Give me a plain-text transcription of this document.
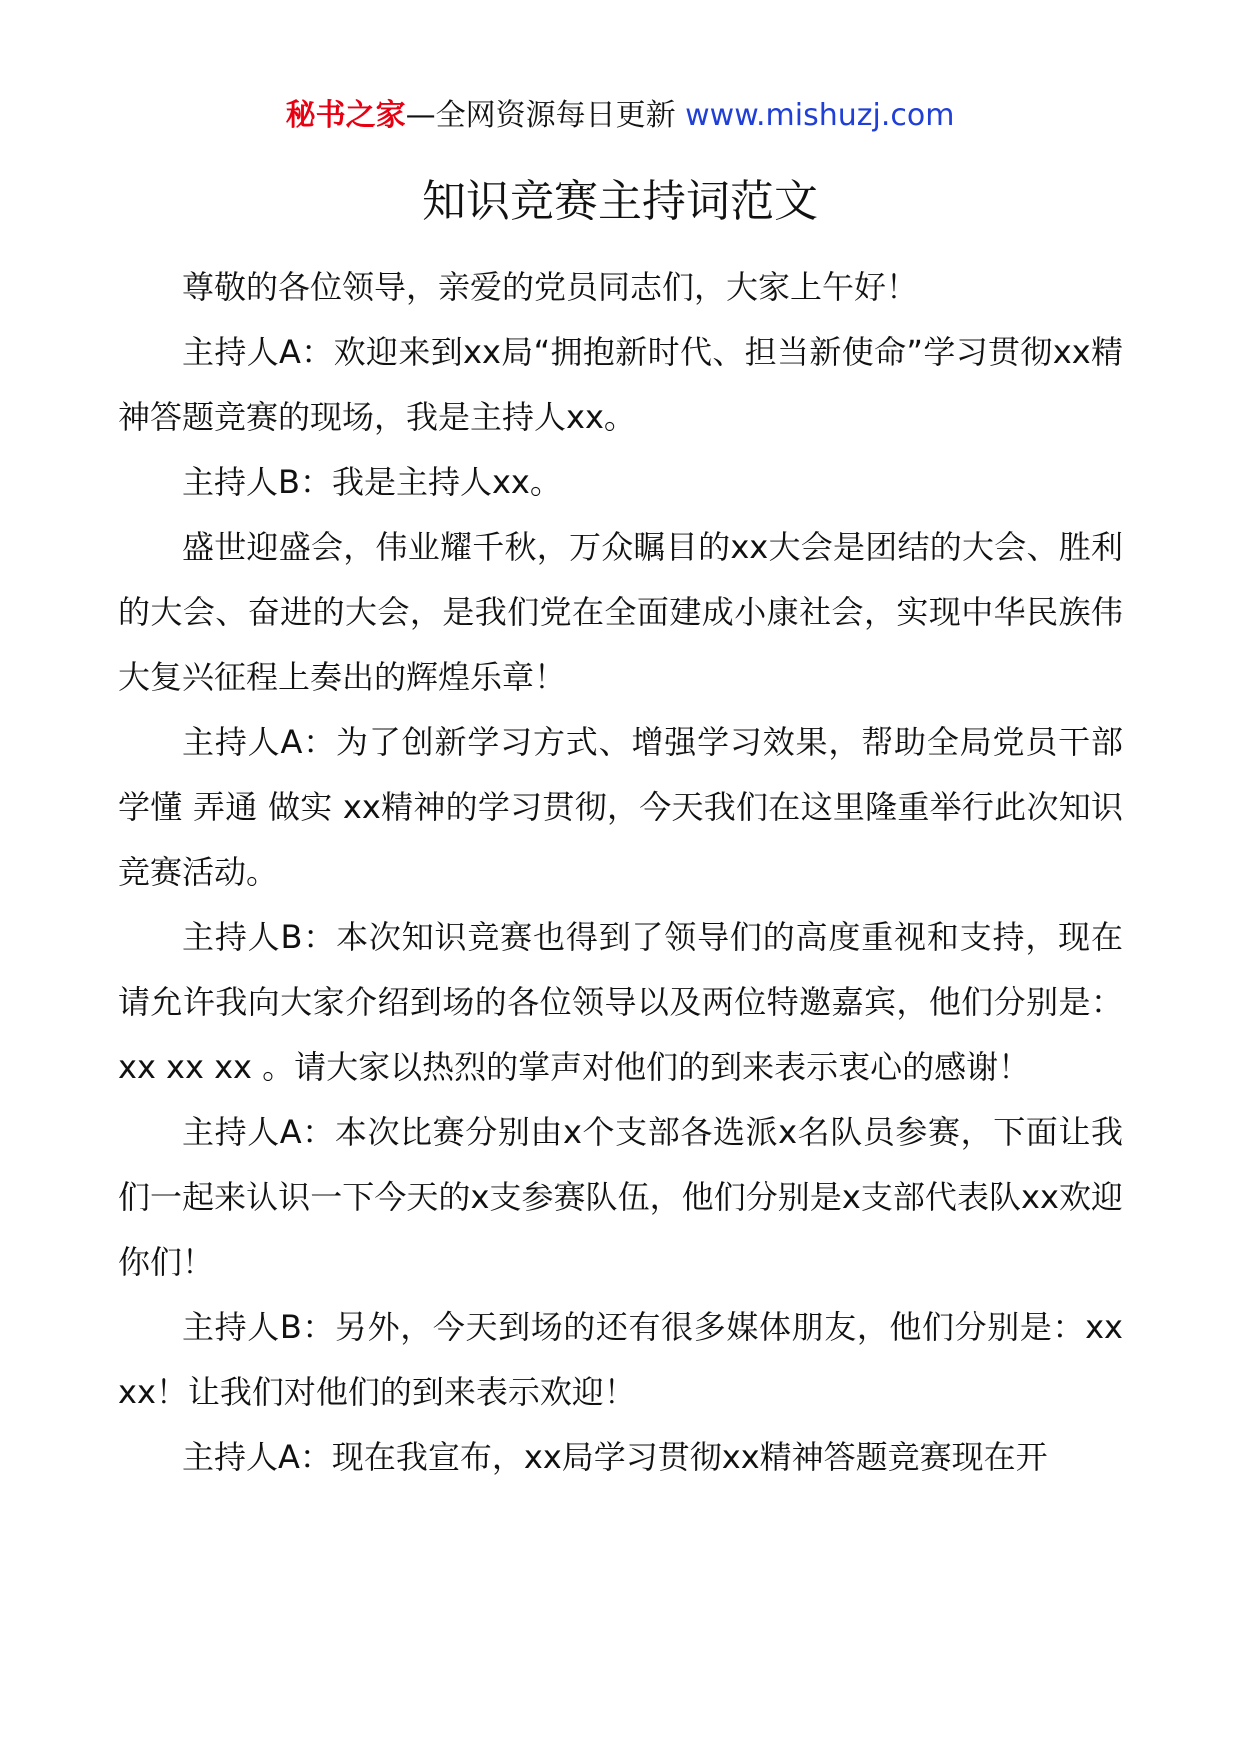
秘书之家—全网资源每日更新 www.mishuzj.com
知识竞赛主持词范文

尊敬的各位领导，亲爱的党员同志们，大家上午好！

主持人A：欢迎来到xx局“拥抱新时代、担当新使命”学习贯彻xx精神答题竞赛的现场，我是主持人xx。

主持人B：我是主持人xx。

盛世迎盛会，伟业耀千秋，万众瞩目的xx大会是团结的大会、胜利的大会、奋进的大会，是我们党在全面建成小康社会，实现中华民族伟大复兴征程上奏出的辉煌乐章！

主持人A：为了创新学习方式、增强学习效果，帮助全局党员干部 学懂 弄通 做实 xx精神的学习贯彻，今天我们在这里隆重举行此次知识竞赛活动。

主持人B：本次知识竞赛也得到了领导们的高度重视和支持，现在请允许我向大家介绍到场的各位领导以及两位特邀嘉宾，他们分别是：xx xx xx 。请大家以热烈的掌声对他们的到来表示衷心的感谢！

主持人A：本次比赛分别由x个支部各选派x名队员参赛，下面让我们一起来认识一下今天的x支参赛队伍，他们分别是x支部代表队xx欢迎你们！

主持人B：另外，今天到场的还有很多媒体朋友，他们分别是：xx xx！让我们对他们的到来表示欢迎！

主持人A：现在我宣布，xx局学习贯彻xx精神答题竞赛现在开
